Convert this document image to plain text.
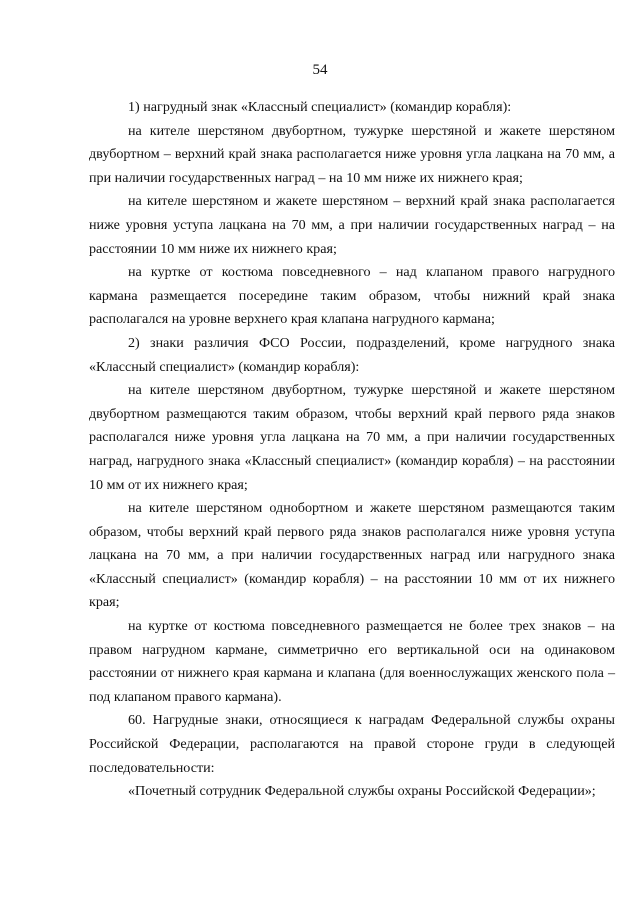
54

1) нагрудный знак «Классный специалист» (командир корабля):

на кителе шерстяном двубортном, тужурке шерстяной и жакете шерстяном двубортном – верхний край знака располагается ниже уровня угла лацкана на 70 мм, а при наличии государственных наград – на 10 мм ниже их нижнего края;

на кителе шерстяном и жакете шерстяном – верхний край знака располагается ниже уровня уступа лацкана на 70 мм, а при наличии государственных наград – на расстоянии 10 мм ниже их нижнего края;

на куртке от костюма повседневного – над клапаном правого нагрудного кармана размещается посередине таким образом, чтобы нижний край знака располагался на уровне верхнего края клапана нагрудного кармана;

2) знаки различия ФСО России, подразделений, кроме нагрудного знака «Классный специалист» (командир корабля):

на кителе шерстяном двубортном, тужурке шерстяной и жакете шерстяном двубортном размещаются таким образом, чтобы верхний край первого ряда знаков располагался ниже уровня угла лацкана на 70 мм, а при наличии государственных наград, нагрудного знака «Классный специалист» (командир корабля) – на расстоянии 10 мм от их нижнего края;

на кителе шерстяном однобортном и жакете шерстяном размещаются таким образом, чтобы верхний край первого ряда знаков располагался ниже уровня уступа лацкана на 70 мм, а при наличии государственных наград или нагрудного знака «Классный специалист» (командир корабля) – на расстоянии 10 мм от их нижнего края;

на куртке от костюма повседневного размещается не более трех знаков – на правом нагрудном кармане, симметрично его вертикальной оси на одинаковом расстоянии от нижнего края кармана и клапана (для военнослужащих женского пола – под клапаном правого кармана).

60. Нагрудные знаки, относящиеся к наградам Федеральной службы охраны Российской Федерации, располагаются на правой стороне груди в следующей последовательности:

«Почетный сотрудник Федеральной службы охраны Российской Федерации»;
